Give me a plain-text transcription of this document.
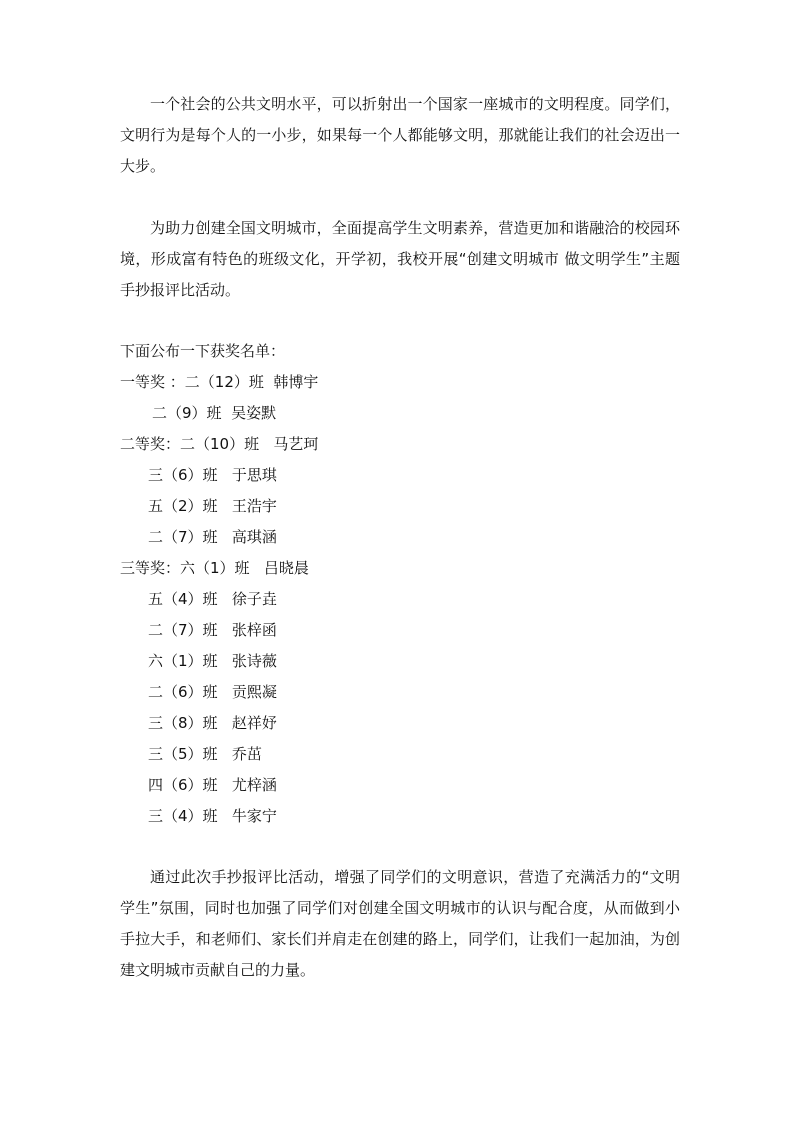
一个社会的公共文明水平，可以折射出一个国家一座城市的文明程度。同学们，文明行为是每个人的一小步，如果每一个人都能够文明，那就能让我们的社会迈出一大步。

为助力创建全国文明城市，全面提高学生文明素养，营造更加和谐融洽的校园环境，形成富有特色的班级文化，开学初，我校开展“创建文明城市 做文明学生”主题手抄报评比活动。

下面公布一下获奖名单：

一等奖 ：二（12）班  韩博宇
二（9）班  吴姿默
二等奖：二（10）班   马艺珂
三（6）班   于思琪
五（2）班   王浩宇
二（7）班   高琪涵
三等奖：六（1）班   吕晓晨
五（4）班   徐子垚
二（7）班   张梓函
六（1）班   张诗薇
二（6）班   贡熙凝
三（8）班   赵祥妤
三（5）班   乔茁
四（6）班   尤梓涵
三（4）班   牛家宁

通过此次手抄报评比活动，增强了同学们的文明意识，营造了充满活力的“文明学生”氛围，同时也加强了同学们对创建全国文明城市的认识与配合度，从而做到小手拉大手，和老师们、家长们并肩走在创建的路上，同学们，让我们一起加油，为创建文明城市贡献自己的力量。
